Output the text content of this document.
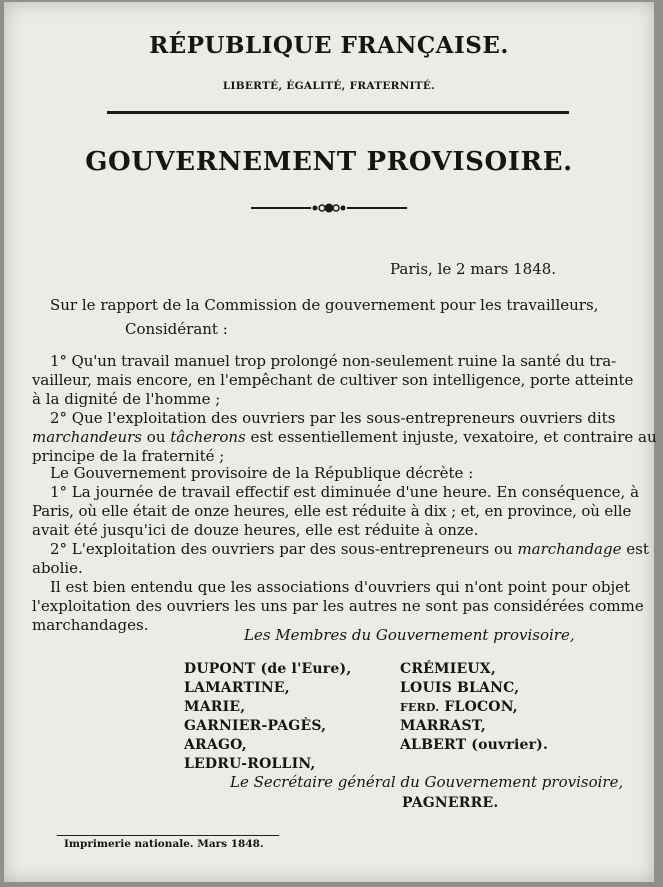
RÉPUBLIQUE FRANÇAISE.
LIBERTÉ, ÉGALITÉ, FRATERNITÉ.
GOUVERNEMENT PROVISOIRE.
Paris, le 2 mars 1848.
Sur le rapport de la Commission de gouvernement pour les travailleurs,
Considérant :
1° Qu'un travail manuel trop prolongé non-seulement ruine la santé du tra-
vailleur, mais encore, en l'empêchant de cultiver son intelligence, porte atteinte
à la dignité de l'homme ;
2° Que l'exploitation des ouvriers par les sous-entrepreneurs ouvriers dits
marchandeurs ou tâcherons est essentiellement injuste, vexatoire, et contraire au
principe de la fraternité ;
Le Gouvernement provisoire de la République décrète :
1° La journée de travail effectif est diminuée d'une heure. En conséquence, à
Paris, où elle était de onze heures, elle est réduite à dix ; et, en province, où elle
avait été jusqu'ici de douze heures, elle est réduite à onze.
2° L'exploitation des ouvriers par des sous-entrepreneurs ou marchandage est
abolie.
Il est bien entendu que les associations d'ouvriers qui n'ont point pour objet
l'exploitation des ouvriers les uns par les autres ne sont pas considérées comme
marchandages.
Les Membres du Gouvernement provisoire,
DUPONT (de l'Eure),
LAMARTINE,
MARIE,
GARNIER-PAGÈS,
ARAGO,
LEDRU-ROLLIN,
CRÉMIEUX,
LOUIS BLANC,
FERD. FLOCON,
MARRAST,
ALBERT (ouvrier).
Le Secrétaire général du Gouvernement provisoire,
PAGNERRE.
Imprimerie nationale. Mars 1848.
